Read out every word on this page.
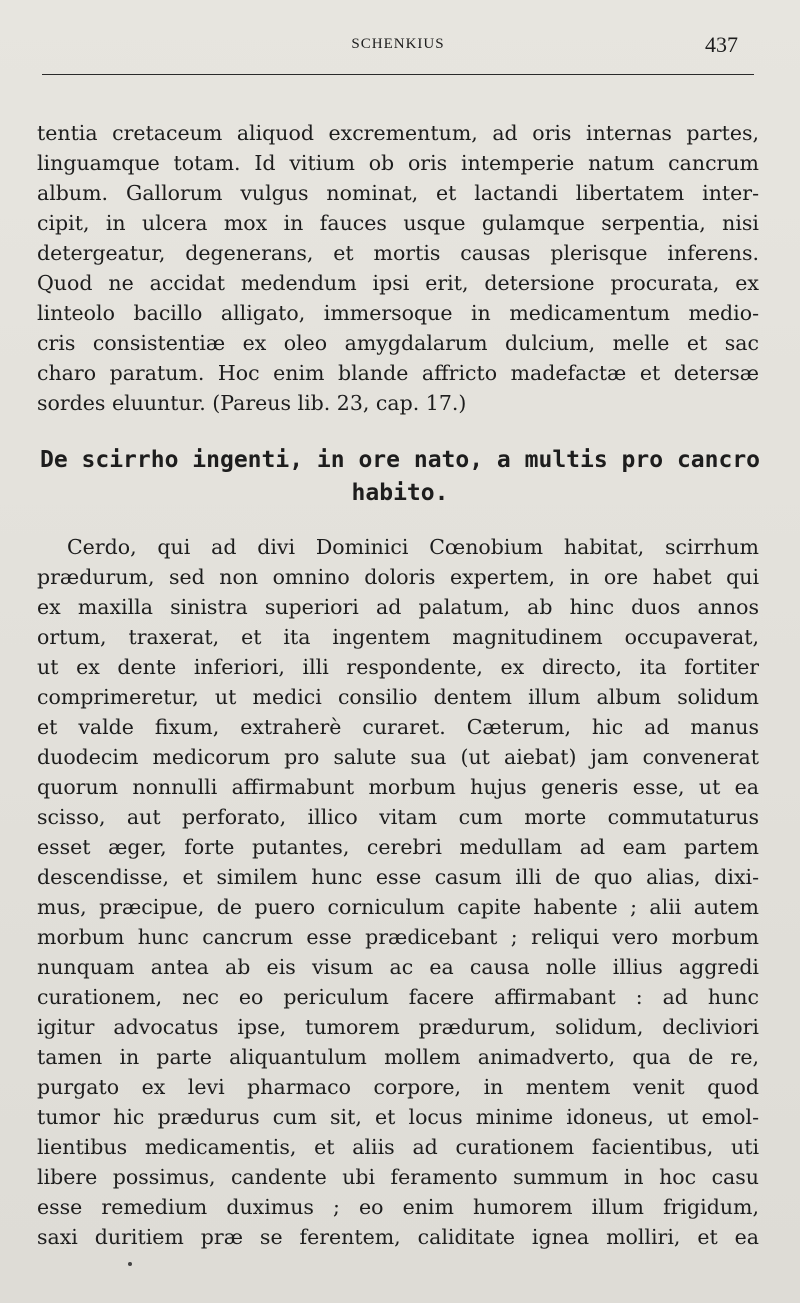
SCHENKIUS	437
tentia cretaceum aliquod excrementum, ad oris internas partes,
linguamque totam. Id vitium ob oris intemperie natum cancrum
album. Gallorum vulgus nominat, et lactandi libertatem inter-
cipit, in ulcera mox in fauces usque gulamque serpentia, nisi
detergeatur, degenerans, et mortis causas plerisque inferens.
Quod ne accidat medendum ipsi erit, detersione procurata, ex
linteolo bacillo alligato, immersoque in medicamentum medio-
cris consistentiæ ex oleo amygdalarum dulcium, melle et sac
charo paratum. Hoc enim blande affricto madefactæ et detersæ
sordes eluuntur. (Pareus lib. 23, cap. 17.)
De scirrho ingenti, in ore nato, a multis pro cancro
habito.
Cerdo, qui ad divi Dominici Cœnobium habitat, scirrhum
prædurum, sed non omnino doloris expertem, in ore habet qui
ex maxilla sinistra superiori ad palatum, ab hinc duos annos
ortum, traxerat, et ita ingentem magnitudinem occupaverat,
ut ex dente inferiori, illi respondente, ex directo, ita fortiter
comprimeretur, ut medici consilio dentem illum album solidum
et valde fixum, extraherè curaret. Cæterum, hic ad manus
duodecim medicorum pro salute sua (ut aiebat) jam convenerat
quorum nonnulli affirmabunt morbum hujus generis esse, ut ea
scisso, aut perforato, illico vitam cum morte commutaturus
esset æger, forte putantes, cerebri medullam ad eam partem
descendisse, et similem hunc esse casum illi de quo alias, dixi-
mus, præcipue, de puero corniculum capite habente ; alii autem
morbum hunc cancrum esse prædicebant ; reliqui vero morbum
nunquam antea ab eis visum ac ea causa nolle illius aggredi
curationem, nec eo periculum facere affirmabant : ad hunc
igitur advocatus ipse, tumorem prædurum, solidum, decliviori
tamen in parte aliquantulum mollem animadverto, qua de re,
purgato ex levi pharmaco corpore, in mentem venit quod
tumor hic prædurus cum sit, et locus minime idoneus, ut emol-
lientibus medicamentis, et aliis ad curationem facientibus, uti
libere possimus, candente ubi feramento summum in hoc casu
esse remedium duximus ; eo enim humorem illum frigidum,
saxi duritiem præ se ferentem, caliditate ignea molliri, et ea
